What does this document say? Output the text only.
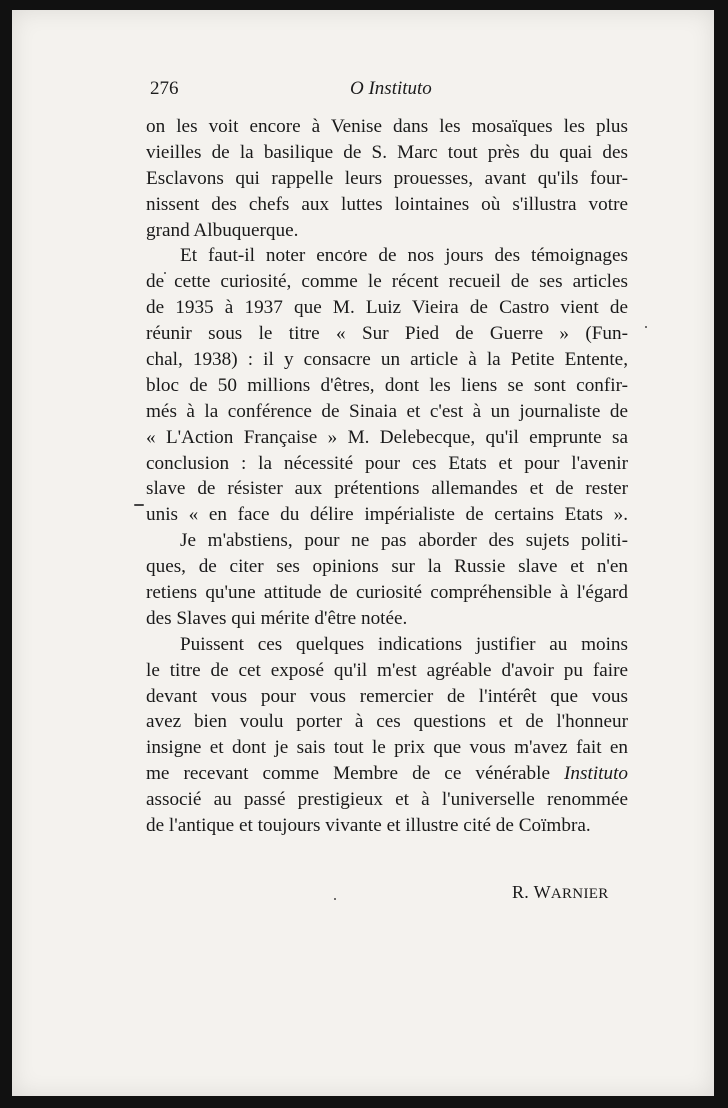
276	O Instituto
R. WARNIER
on les voit encore à Venise dans les mosaïques les plus
vieilles de la basilique de S. Marc tout près du quai des
Esclavons qui rappelle leurs prouesses, avant qu'ils four-
nissent des chefs aux luttes lointaines où s'illustra votre
grand Albuquerque.
Et faut-il noter encore de nos jours des témoignages
de cette curiosité, comme le récent recueil de ses articles
de 1935 à 1937 que M. Luiz Vieira de Castro vient de
réunir sous le titre « Sur Pied de Guerre » (Fun-
chal, 1938) : il y consacre un article à la Petite Entente,
bloc de 50 millions d'êtres, dont les liens se sont confir-
més à la conférence de Sinaia et c'est à un journaliste de
« L'Action Française » M. Delebecque, qu'il emprunte sa
conclusion : la nécessité pour ces Etats et pour l'avenir
slave de résister aux prétentions allemandes et de rester
unis « en face du délire impérialiste de certains Etats ».
Je m'abstiens, pour ne pas aborder des sujets politi-
ques, de citer ses opinions sur la Russie slave et n'en
retiens qu'une attitude de curiosité compréhensible à l'égard
des Slaves qui mérite d'être notée.
Puissent ces quelques indications justifier au moins
le titre de cet exposé qu'il m'est agréable d'avoir pu faire
devant vous pour vous remercier de l'intérêt que vous
avez bien voulu porter à ces questions et de l'honneur
insigne et dont je sais tout le prix que vous m'avez fait en
me recevant comme Membre de ce vénérable Instituto
associé au passé prestigieux et à l'universelle renommée
de l'antique et toujours vivante et illustre cité de Coïmbra.
